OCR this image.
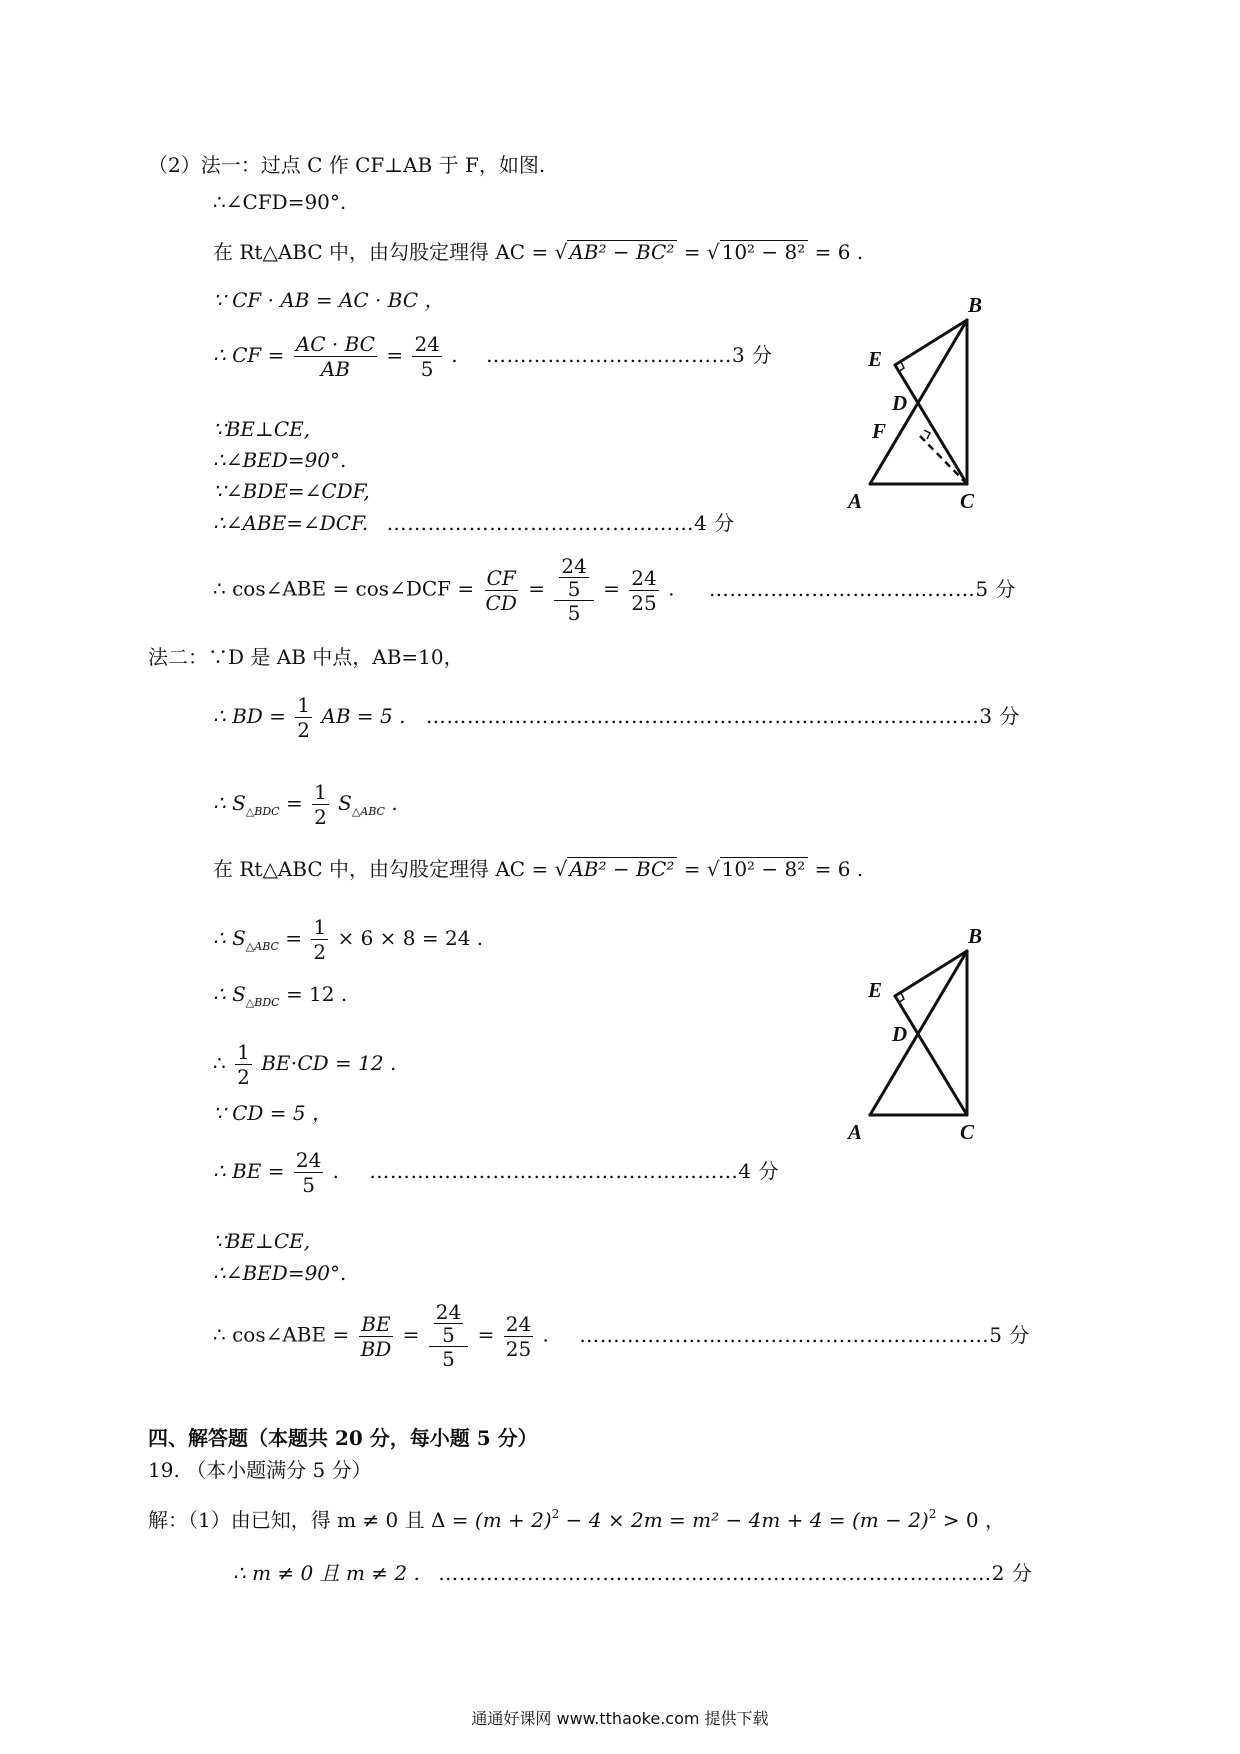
（2）法一：过点 C 作 CF⊥AB 于 F，如图.
∴∠CFD=90°.
在 Rt△ABC 中，由勾股定理得 AC = √ AB² − BC² = √ 10² − 8² = 6 .
∵ CF · AB = AC · BC ，
∴ CF = $\frac{AC \cdot BC}{AB} = \frac{24}{5}$ . ………………………………3 分
∵BE⊥CE,
∴∠BED=90°.
∵∠BDE=∠CDF,
∴∠ABE=∠DCF. ………………………………………4 分
∴ cos∠ABE = cos∠DCF = $\frac{CF}{CD} = \frac{\frac{24}{5}}{5} = \frac{24}{25}$ . …………………………………5 分
法二：∵D 是 AB 中点，AB=10，
∴ BD = $\frac{1}{2}$ AB = 5 . ………………………………………………………………………3 分
∴ $S_{\triangle BDC} = \frac{1}{2} S_{\triangle ABC}$ .
在 Rt△ABC 中，由勾股定理得 AC = √ AB² − BC² = √ 10² − 8² = 6 .
∴ $S_{\triangle ABC} = \frac{1}{2} \times 6 \times 8 = 24$ .
∴ $S_{\triangle BDC} = 12$ .
∴ $\frac{1}{2} BE\cdot CD = 12$ .
∵ CD = 5 ，
∴ BE = $\frac{24}{5}$ . ………………………………………………4 分
∵BE⊥CE,
∴∠BED=90°.
∴ cos∠ABE = $\frac{BE}{BD} = \frac{\frac{24}{5}}{5} = \frac{24}{25}$ . ……………………………………………………5 分
四、解答题（本题共 20 分，每小题 5 分）
19. （本小题满分 5 分）
解：（1）由已知，得 m ≠ 0 且 $\Delta = (m + 2)^2 - 4 \times 2m = m^2 - 4m + 4 = (m - 2)^2 > 0$ ，
∴ m ≠ 0 且 m ≠ 2 . ………………………………………………………………………2 分
B
E
D
F
A	C
B
E
D
A	C
通通好课网 www.tthaoke.com 提供下载
